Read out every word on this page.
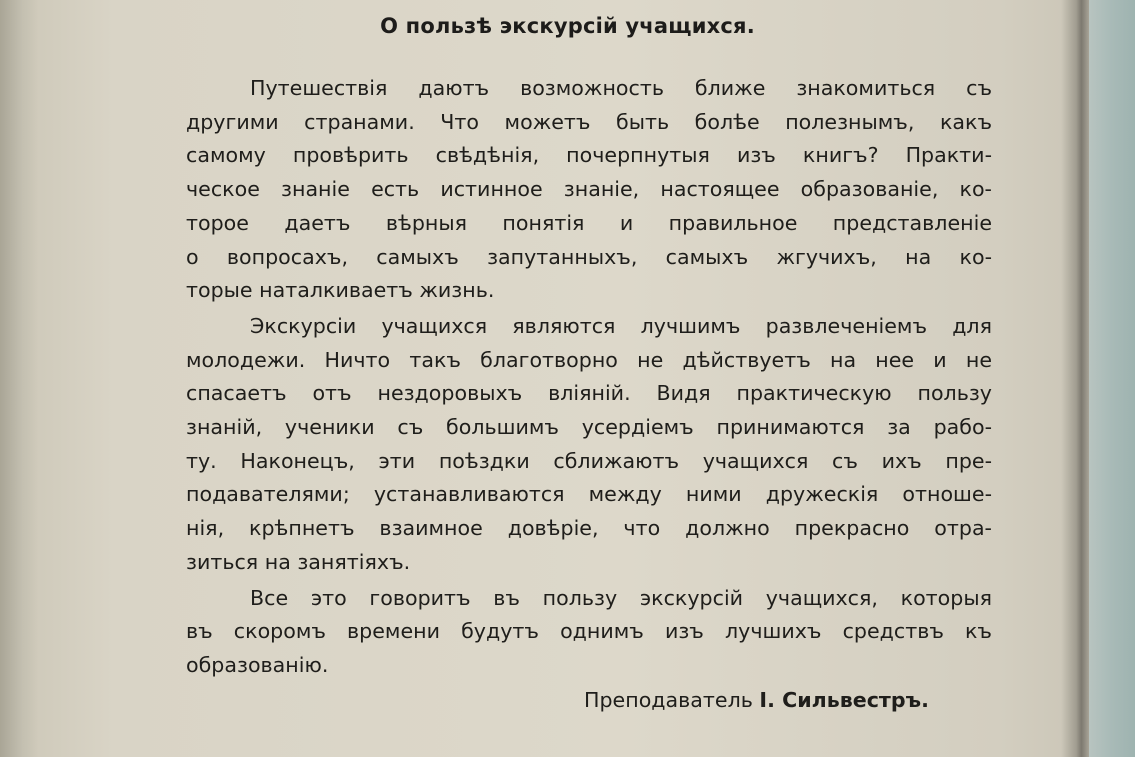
О пользѣ экскурсій учащихся.
Путешествія даютъ возможность ближе знакомиться съ
другими странами. Что можетъ быть болѣе полезнымъ, какъ
самому провѣрить свѣдѣнія, почерпнутыя изъ книгъ? Практи-
ческое знаніе есть истинное знаніе, настоящее образованіе, ко-
торое даетъ вѣрныя понятія и правильное представленіе
о вопросахъ, самыхъ запутанныхъ, самыхъ жгучихъ, на ко-
торые наталкиваетъ жизнь.
Экскурсіи учащихся являются лучшимъ развлеченіемъ для
молодежи. Ничто такъ благотворно не дѣйствуетъ на нее и не
спасаетъ отъ нездоровыхъ вліяній. Видя практическую пользу
знаній, ученики съ большимъ усердіемъ принимаются за рабо-
ту. Наконецъ, эти поѣздки сближаютъ учащихся съ ихъ пре-
подавателями; устанавливаются между ними дружескія отноше-
нія, крѣпнетъ взаимное довѣріе, что должно прекрасно отра-
зиться на занятіяхъ.
Все это говоритъ въ пользу экскурсій учащихся, которыя
въ скоромъ времени будутъ однимъ изъ лучшихъ средствъ къ
образованію.
Преподаватель І. Сильвестръ.
